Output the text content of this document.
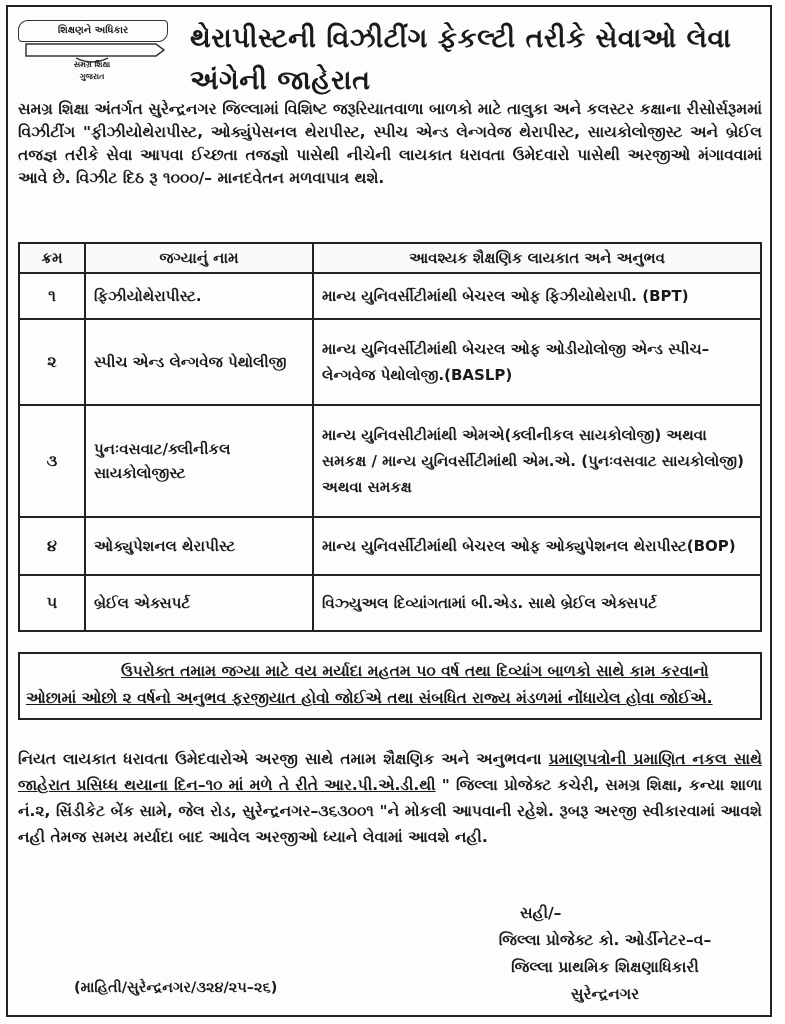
શિક્ષણને અધિકાર
સમગ્ર શિક્ષા
ગુજરાત
થેરાપીસ્ટની વિઝીટીંગ ફેકલ્ટી તરીકે સેવાઓ લેવા અંગેની જાહેરાત
સમગ્ર શિક્ષા અંતર્ગત સુરેન્દ્રનગર જિલ્લામાં વિશિષ્ટ જરૂરિયાતવાળા બાળકો માટે તાલુકા અને કલસ્ટર કક્ષાના રીસોર્સરૂમમાં વિઝીટીંગ "ફીઝીયોથેરાપીસ્ટ, ઓક્યુંપેસનલ થેરાપીસ્ટ, સ્પીચ એન્ડ લેન્ગવેજ થેરાપીસ્ટ, સાયકોલોજીસ્ટ અને બ્રેઈલ તજજ્ઞ તરીકે સેવા આપવા ઈચ્છતા તજજ્ઞો પાસેથી નીચેની લાયકાત ધરાવતા ઉમેદવારો પાસેથી અરજીઓ મંગાવવામાં આવે છે. વિઝીટ દિઠ રૂ ૧૦૦૦/– માનદવેતન મળવાપાત્ર થશે.
ક્રમ	જગ્યાનું નામ	આવશ્યક શૈક્ષણિક લાયકાત અને અનુભવ
૧	ફિઝીયોથેરાપીસ્ટ.	માન્ય યુનિવર્સીટીમાંથી બેચરલ ઓફ ફિઝીયોથેરાપી. (BPT)
૨	સ્પીચ એન્ડ લેન્ગવેજ પેથોલીજી	માન્ય યુનિવર્સીટીમાંથી બેચરલ ઓફ ઓડીયોલોજી એન્ડ સ્પીચ–લેન્ગવેજ પેથોલોજી.(BASLP)
૩	પુનઃવસવાટ/ક્લીનીકલ સાયકોલોજીસ્ટ	માન્ય યુનિવસીટીમાંથી એમએ(ક્લીનીકલ સાયકોલોજી) અથવા સમકક્ષ / માન્ય યુનિવર્સીટીમાંથી એમ.એ. (પુનઃવસવાટ સાયકોલોજી) અથવા સમકક્ષ
૪	ઓક્યુપેશનલ થેરાપીસ્ટ	માન્ય યુનિવર્સીટીમાંથી બેચરલ ઓફ ઓક્યુપેશનલ થેરાપીસ્ટ(BOP)
૫	બ્રેઈલ એક્સપર્ટ	વિઝ્યુઅલ દિવ્યાંગતામાં બી.એડ. સાથે બ્રેઈલ એક્સપર્ટ
ઉપરોક્ત તમામ જગ્યા માટે વય મર્યાદા મહતમ ૫૦ વર્ષ તથા દિવ્યાંગ બાળકો સાથે કામ કરવાનો ઓછામાં ઓછો ૨ વર્ષનો અનુભવ ફરજીયાત હોવો જોઈએ તથા સંબધિત રાજ્ય મંડળમાં નોંધાયેલ હોવા જોઈએ.
નિયત લાયકાત ધરાવતા ઉમેદવારોએ અરજી સાથે તમામ શૈક્ષણિક અને અનુભવના પ્રમાણપત્રોની પ્રમાણિત નકલ સાથે જાહેરાત પ્રસિધ્ધ થયાના દિન–૧૦ માં મળે તે રીતે આર.પી.એ.ડી.થી " જિલ્લા પ્રોજેક્ટ કચેરી, સમગ્ર શિક્ષા, કન્યા શાળા નં.૨, સિંડીકેટ બેંક સામે, જેલ રોડ, સુરેન્દ્રનગર–૩૬૩૦૦૧ "ને મોકલી આપવાની રહેશે. રૂબરૂ અરજી સ્વીકારવામાં આવશે નહી તેમજ સમય મર્યાદા બાદ આવેલ અરજીઓ ધ્યાને લેવામાં આવશે નહી.
સહી/–
જિલ્લા પ્રોજેક્ટ કો. ઓર્ડીનેટર–વ–
જિલ્લા પ્રાથમિક શિક્ષણાધિકારી
સુરેન્દ્રનગર
(માહિતી/સુરેન્દ્રનગર/૩૨૪/૨૫–૨૬)
